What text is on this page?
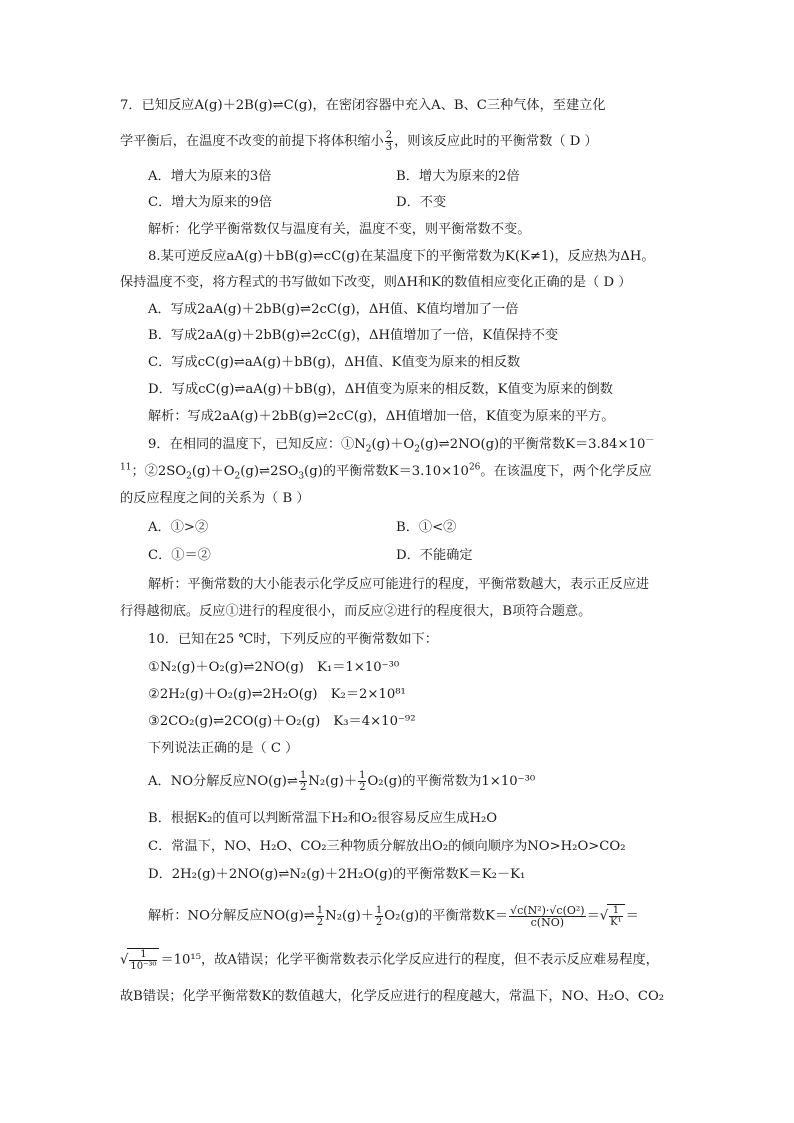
7．已知反应A(g)＋2B(g)⇌C(g)，在密闭容器中充入A、B、C三种气体，至建立化
学平衡后，在温度不改变的前提下将体积缩小 $\frac{2}{3}$ ，则该反应此时的平衡常数（ D ）
A．增大为原来的3倍	B．增大为原来的2倍
C．增大为原来的9倍	D．不变
解析：化学平衡常数仅与温度有关，温度不变，则平衡常数不变。
8.某可逆反应aA(g)＋bB(g)⇌cC(g)在某温度下的平衡常数为K(K≠1)，反应热为ΔH。
保持温度不变，将方程式的书写做如下改变，则ΔH和K的数值相应变化正确的是（ D ）
A．写成2aA(g)＋2bB(g)⇌2cC(g)，ΔH值、K值均增加了一倍
B．写成2aA(g)＋2bB(g)⇌2cC(g)，ΔH值增加了一倍，K值保持不变
C．写成cC(g)⇌aA(g)＋bB(g)，ΔH值、K值变为原来的相反数
D．写成cC(g)⇌aA(g)＋bB(g)，ΔH值变为原来的相反数，K值变为原来的倒数
解析：写成2aA(g)＋2bB(g)⇌2cC(g)，ΔH值增加一倍，K值变为原来的平方。
9．在相同的温度下，已知反应：$①N_2(g)+O_2(g)\rightleftharpoons 2NO(g)$的平衡常数K＝3.84×10－
$^{11}$；$②2SO_2(g)+O_2(g)\rightleftharpoons 2SO_3(g)$的平衡常数$K=3.10\times 10^{26}$。在该温度下，两个化学反应
的反应程度之间的关系为（ B ）
A．①>②	B．①<②
C．①＝②	D．不能确定
解析：平衡常数的大小能表示化学反应可能进行的程度，平衡常数越大，表示正反应进
行得越彻底。反应①进行的程度很小，而反应②进行的程度很大，B项符合题意。
10．已知在25 ℃时，下列反应的平衡常数如下：
①N₂(g)＋O₂(g)⇌2NO(g)　K₁＝1×10⁻³⁰
②2H₂(g)＋O₂(g)⇌2H₂O(g)　K₂＝2×10⁸¹
③2CO₂(g)⇌2CO(g)＋O₂(g)　K₃＝4×10⁻⁹²
下列说法正确的是（ C ）
A．NO分解反应NO(g)⇌ $\frac{1}{2} N_2(g)+ \frac{1}{2} O_2(g)$的平衡常数为1×10⁻³⁰
B．根据K₂的值可以判断常温下H₂和O₂很容易反应生成H₂O
C．常温下，NO、H₂O、CO₂三种物质分解放出O₂的倾向顺序为NO>H₂O>CO₂
D．2H₂(g)＋2NO(g)⇌N₂(g)＋2H₂O(g)的平衡常数K＝K₂－K₁
解析：NO分解反应NO(g)⇌ $\frac{1}{2} N_2(g)+ \frac{1}{2} O_2(g)$的平衡常数$K= \frac{\text{√c(N²)·√c(O²)}}{c(NO)}$ ＝√ $\frac{1}{\text{K¹}}$ ＝
√ $\frac{1}{\text{10⁻³⁰}} =10^{15}$，故A错误；化学平衡常数表示化学反应进行的程度，但不表示反应难易程度，
故B错误；化学平衡常数K的数值越大，化学反应进行的程度越大，常温下，NO、H₂O、CO₂
